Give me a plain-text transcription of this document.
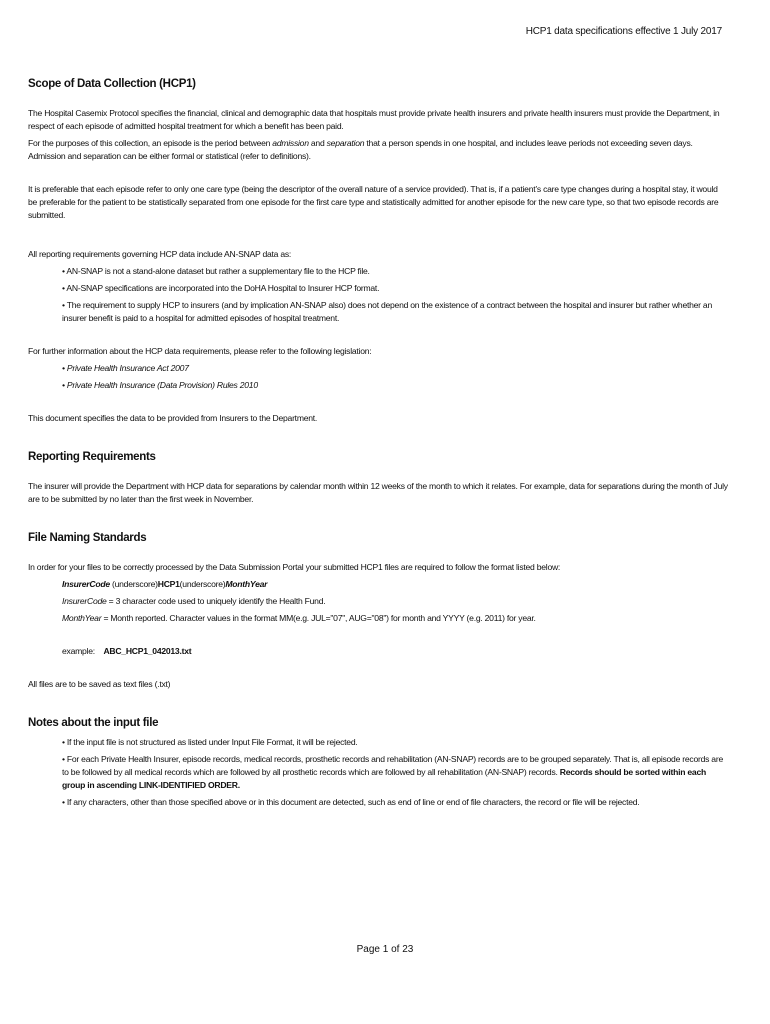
HCP1 data specifications effective 1 July 2017
Scope of Data Collection (HCP1)

The Hospital Casemix Protocol specifies the financial, clinical and demographic data that hospitals must provide private health insurers and private health insurers must provide the Department, in respect of each episode of admitted hospital treatment for which a benefit has been paid.

For the purposes of this collection, an episode is the period between admission and separation that a person spends in one hospital, and includes leave periods not exceeding seven days. Admission and separation can be either formal or statistical (refer to definitions).

It is preferable that each episode refer to only one care type (being the descriptor of the overall nature of a service provided). That is, if a patient’s care type changes during a hospital stay, it would be preferable for the patient to be statistically separated from one episode for the first care type and statistically admitted for another episode for the new care type, so that two episode records are submitted.

All reporting requirements governing HCP data include AN-SNAP data as:

• AN-SNAP is not a stand-alone dataset but rather a supplementary file to the HCP file.

• AN-SNAP specifications are incorporated into the DoHA Hospital to Insurer HCP format.

• The requirement to supply HCP to insurers (and by implication AN-SNAP also) does not depend on the existence of a contract between the hospital and insurer but rather whether an insurer benefit is paid to a hospital for admitted episodes of hospital treatment.

For further information about the HCP data requirements, please refer to the following legislation:

• Private Health Insurance Act 2007

• Private Health Insurance (Data Provision) Rules 2010

This document specifies the data to be provided from Insurers to the Department.

Reporting Requirements

The insurer will provide the Department with HCP data for separations by calendar month within 12 weeks of the month to which it relates. For example, data for separations during the month of July are to be submitted by no later than the first week in November.

File Naming Standards

In order for your files to be correctly processed by the Data Submission Portal your submitted HCP1 files are required to follow the format listed below:

InsurerCode (underscore)HCP1(underscore)MonthYear

InsurerCode = 3 character code used to uniquely identify the Health Fund.

MonthYear = Month reported. Character values in the format MM(e.g. JUL="07", AUG="08") for month and YYYY (e.g. 2011) for year.

example: ABC_HCP1_042013.txt

All files are to be saved as text files (.txt)

Notes about the input file

• If the input file is not structured as listed under Input File Format, it will be rejected.

• For each Private Health Insurer, episode records, medical records, prosthetic records and rehabilitation (AN-SNAP) records are to be grouped separately. That is, all episode records are to be followed by all medical records which are followed by all prosthetic records which are followed by all rehabilitation (AN-SNAP) records. Records should be sorted within each group in ascending LINK-IDENTIFIED ORDER.

• If any characters, other than those specified above or in this document are detected, such as end of line or end of file characters, the record or file will be rejected.

Page 1 of 23
